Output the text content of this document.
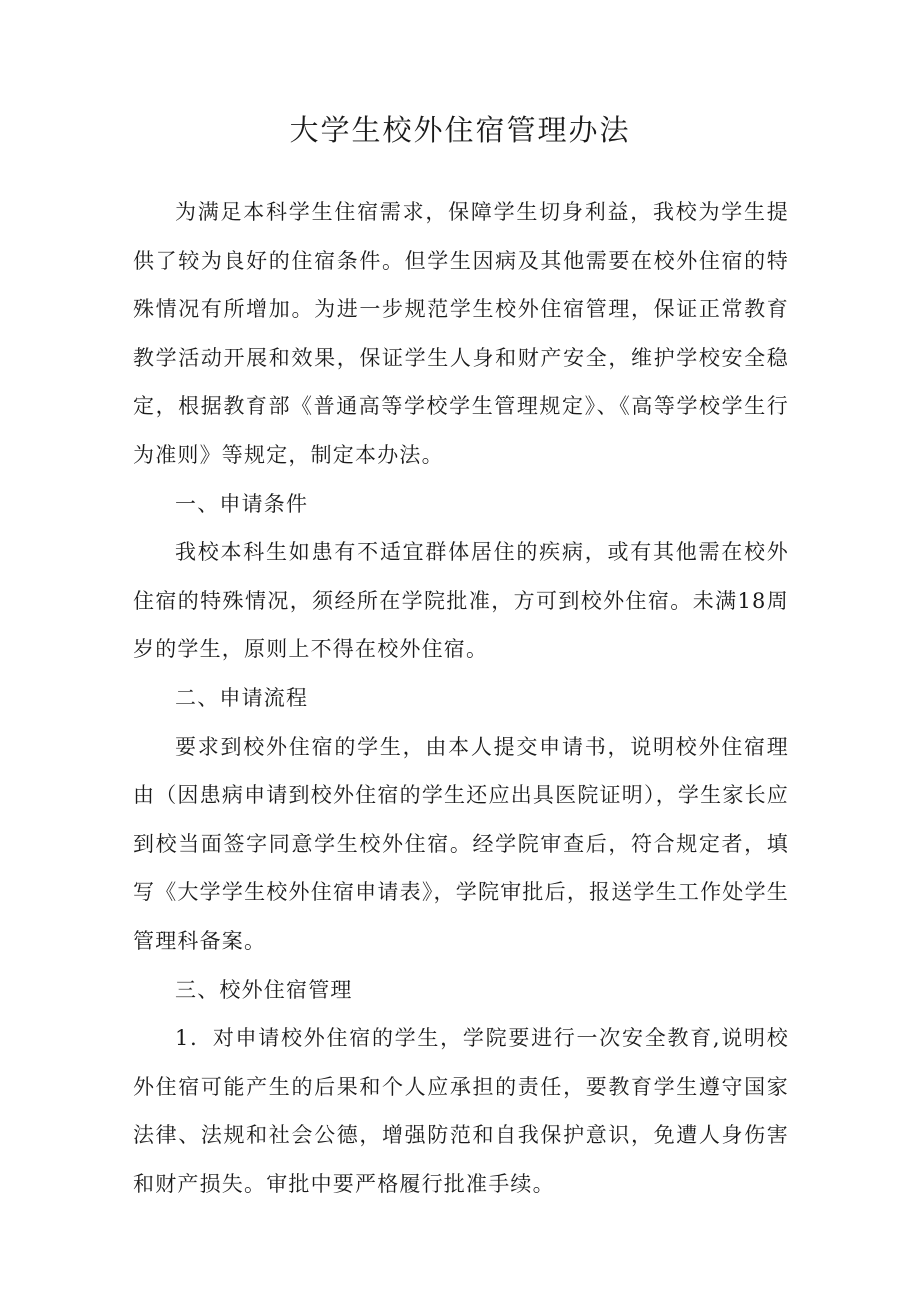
大学生校外住宿管理办法

为满足本科学生住宿需求，保障学生切身利益，我校为学生提供了较为良好的住宿条件。但学生因病及其他需要在校外住宿的特殊情况有所增加。为进一步规范学生校外住宿管理，保证正常教育教学活动开展和效果，保证学生人身和财产安全，维护学校安全稳定，根据教育部《普通高等学校学生管理规定》、《高等学校学生行为准则》等规定，制定本办法。

一、申请条件

我校本科生如患有不适宜群体居住的疾病，或有其他需在校外住宿的特殊情况，须经所在学院批准，方可到校外住宿。未满18周岁的学生，原则上不得在校外住宿。

二、申请流程

要求到校外住宿的学生，由本人提交申请书，说明校外住宿理由（因患病申请到校外住宿的学生还应出具医院证明），学生家长应到校当面签字同意学生校外住宿。经学院审查后，符合规定者，填写《大学学生校外住宿申请表》，学院审批后，报送学生工作处学生管理科备案。

三、校外住宿管理

1．对申请校外住宿的学生，学院要进行一次安全教育,说明校外住宿可能产生的后果和个人应承担的责任，要教育学生遵守国家法律、法规和社会公德，增强防范和自我保护意识，免遭人身伤害和财产损失。审批中要严格履行批准手续。
